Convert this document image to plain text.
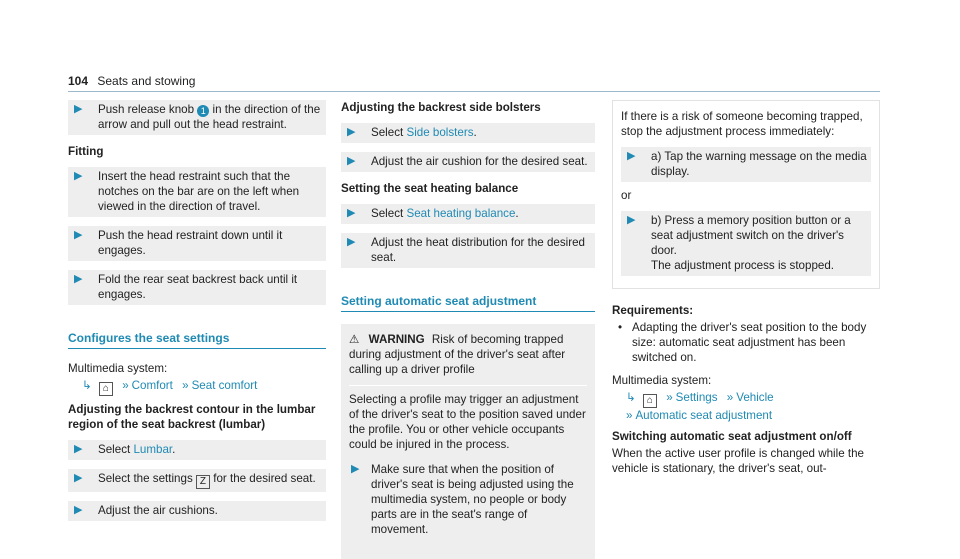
104 Seats and stowing
▶ Push release knob 1 in the direction of the arrow and pull out the head restraint.
Fitting
▶ Insert the head restraint such that the notches on the bar are on the left when viewed in the direction of travel.
▶ Push the head restraint down until it engages.
▶ Fold the rear seat backrest back until it engages.
Configures the seat settings
Multimedia system:
↳ ⌂ » Comfort » Seat comfort
Adjusting the backrest contour in the lumbar region of the seat backrest (lumbar)
▶ Select Lumbar.
▶ Select the settings Z for the desired seat.
▶ Adjust the air cushions.
Adjusting the backrest side bolsters
▶ Select Side bolsters.
▶ Adjust the air cushion for the desired seat.
Setting the seat heating balance
▶ Select Seat heating balance.
▶ Adjust the heat distribution for the desired seat.
Setting automatic seat adjustment
⚠ WARNING Risk of becoming trapped during adjustment of the driver's seat after calling up a driver profile
Selecting a profile may trigger an adjustment of the driver's seat to the position saved under the profile. You or other vehicle occupants could be injured in the process.
▶ Make sure that when the position of driver's seat is being adjusted using the multimedia system, no people or body parts are in the seat's range of movement.
If there is a risk of someone becoming trapped, stop the adjustment process immediately:
▶ a) Tap the warning message on the media display.
or
▶ b) Press a memory position button or a seat adjustment switch on the driver's door.
The adjustment process is stopped.
Requirements:
• Adapting the driver's seat position to the body size: automatic seat adjustment has been switched on.
Multimedia system:
↳ ⌂ » Settings » Vehicle
» Automatic seat adjustment
Switching automatic seat adjustment on/off
When the active user profile is changed while the vehicle is stationary, the driver's seat, out-
